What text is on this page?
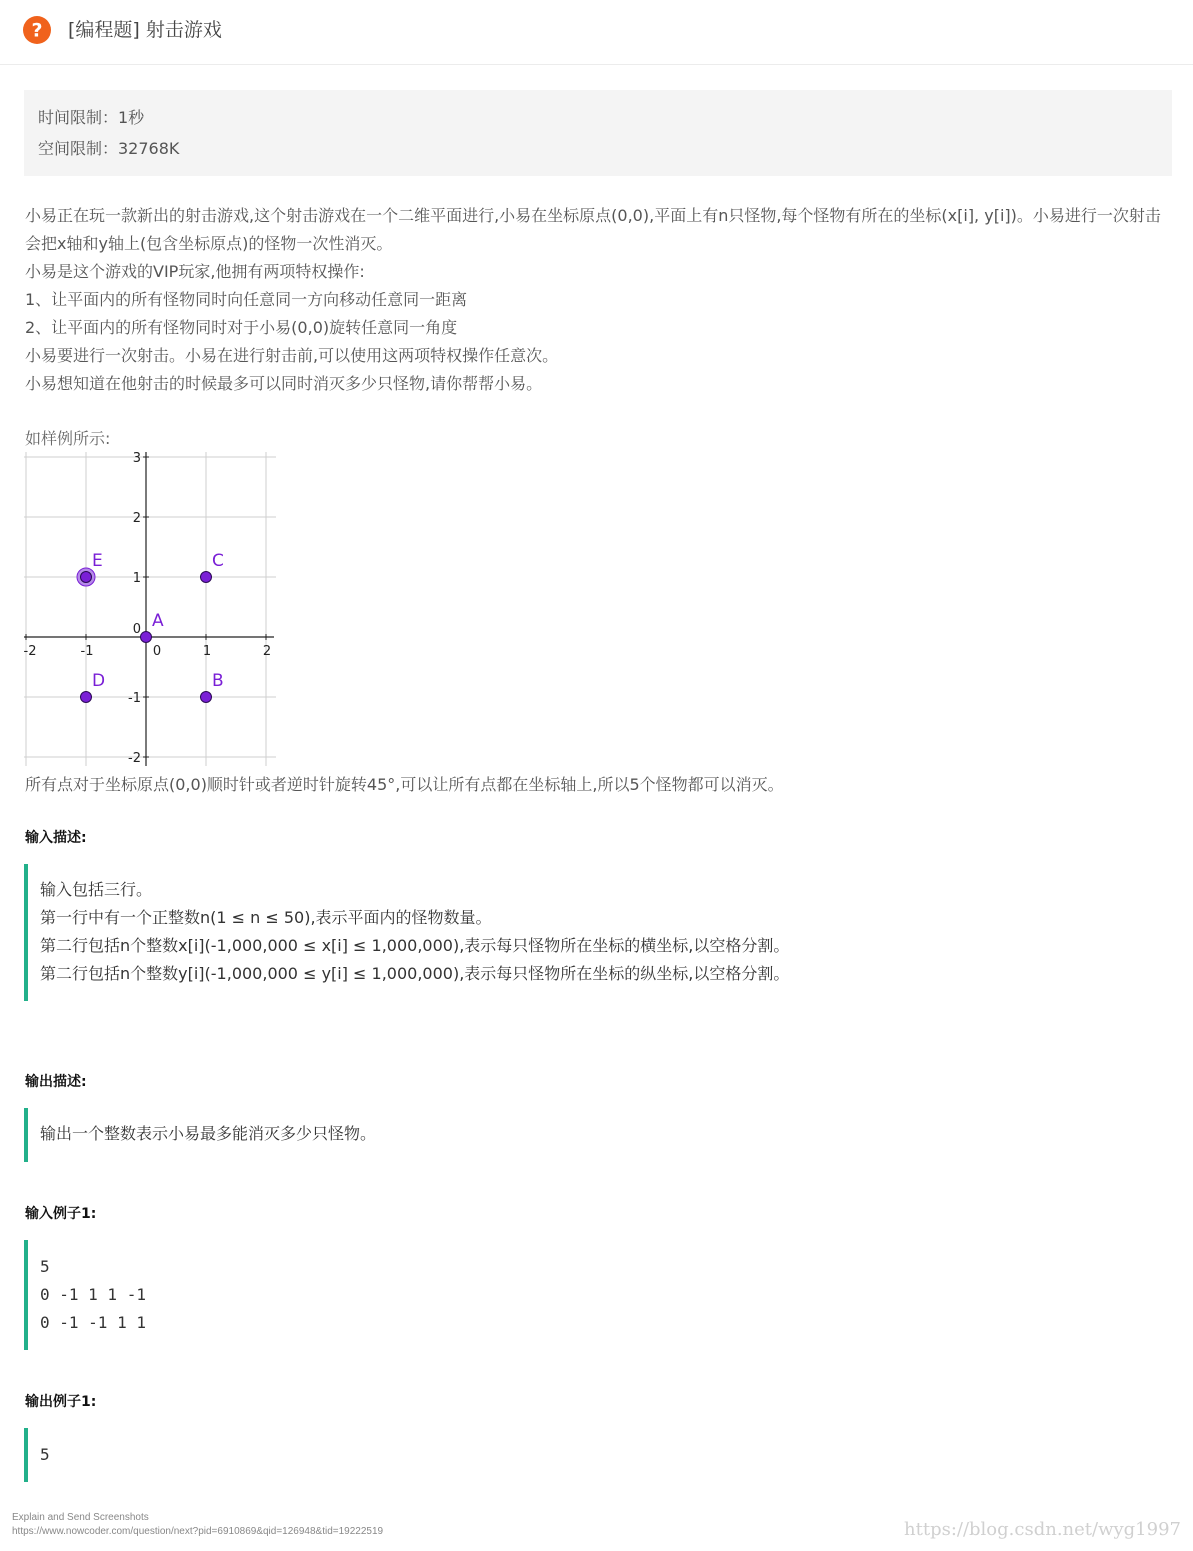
? [编程题] 射击游戏
时间限制：1秒
空间限制：32768K

小易正在玩一款新出的射击游戏,这个射击游戏在一个二维平面进行,小易在坐标原点(0,0),平面上有n只怪物,每个怪物有所在的坐标(x[i], y[i])。小易进行一次射击会把x轴和y轴上(包含坐标原点)的怪物一次性消灭。

小易是这个游戏的VIP玩家,他拥有两项特权操作:

1、让平面内的所有怪物同时向任意同一方向移动任意同一距离

2、让平面内的所有怪物同时对于小易(0,0)旋转任意同一角度

小易要进行一次射击。小易在进行射击前,可以使用这两项特权操作任意次。

小易想知道在他射击的时候最多可以同时消灭多少只怪物,请你帮帮小易。

如样例所示:
-2	-1	0	1	2
3
2
1
0
-1
-2
A
B
C
D
E
所有点对于坐标原点(0,0)顺时针或者逆时针旋转45°,可以让所有点都在坐标轴上,所以5个怪物都可以消灭。
输入描述:
输入包括三行。
第一行中有一个正整数n(1 ≤ n ≤ 50),表示平面内的怪物数量。
第二行包括n个整数x[i](-1,000,000 ≤ x[i] ≤ 1,000,000),表示每只怪物所在坐标的横坐标,以空格分割。
第二行包括n个整数y[i](-1,000,000 ≤ y[i] ≤ 1,000,000),表示每只怪物所在坐标的纵坐标,以空格分割。
输出描述:
输出一个整数表示小易最多能消灭多少只怪物。
输入例子1:
5
0 -1 1 1 -1
0 -1 -1 1 1
输出例子1:
5
Explain and Send Screenshots
https://www.nowcoder.com/question/next?pid=6910869&qid=126948&tid=19222519	https://blog.csdn.net/wyg1997
